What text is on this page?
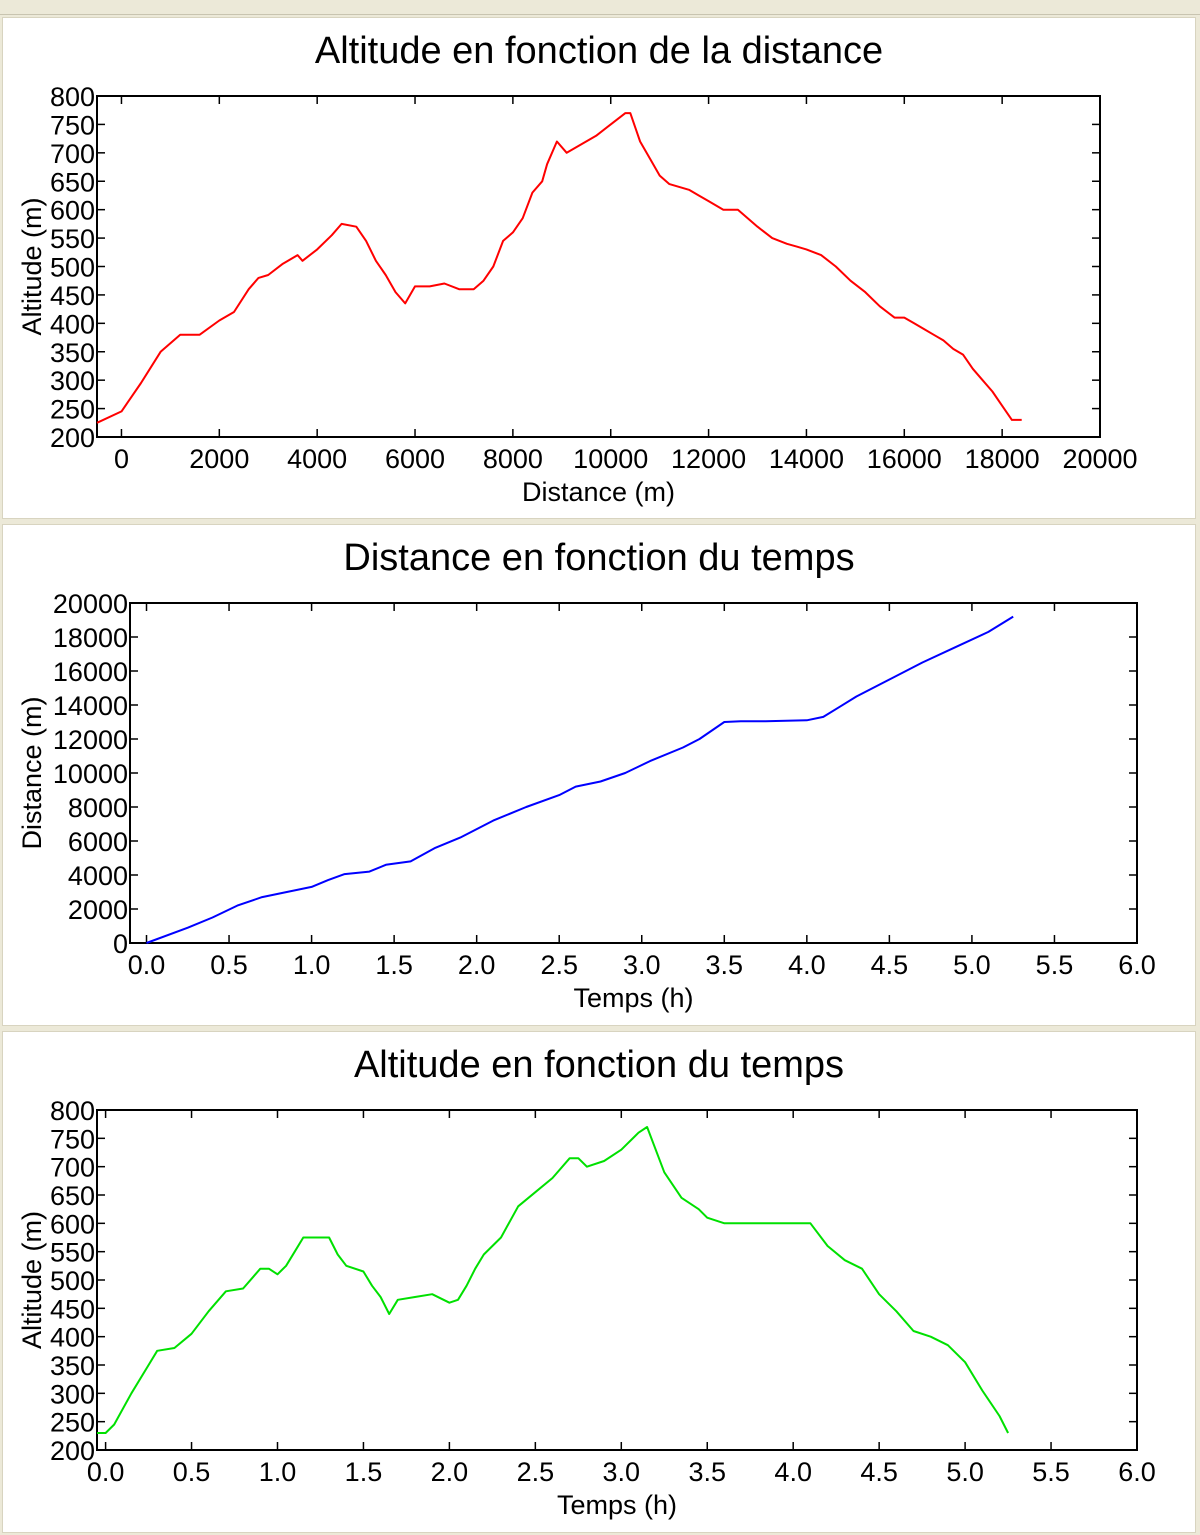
Altitude en fonction de la distance
200
250
300
350
400
450
500
550
600
650
700
750
800
0 2000 4000 6000 8000 10000 12000 14000 16000 18000 20000
Distance (m)
Altitude (m)
Distance en fonction du temps
0
2000
4000
6000
8000
10000
12000
14000
16000
18000
20000
0.0 0.5 1.0 1.5 2.0 2.5 3.0 3.5 4.0 4.5 5.0 5.5 6.0
Temps (h)
Distance (m)
Altitude en fonction du temps
200
250
300
350
400
450
500
550
600
650
700
750
800
0.0 0.5 1.0 1.5 2.0 2.5 3.0 3.5 4.0 4.5 5.0 5.5 6.0
Temps (h)
Altitude (m)
